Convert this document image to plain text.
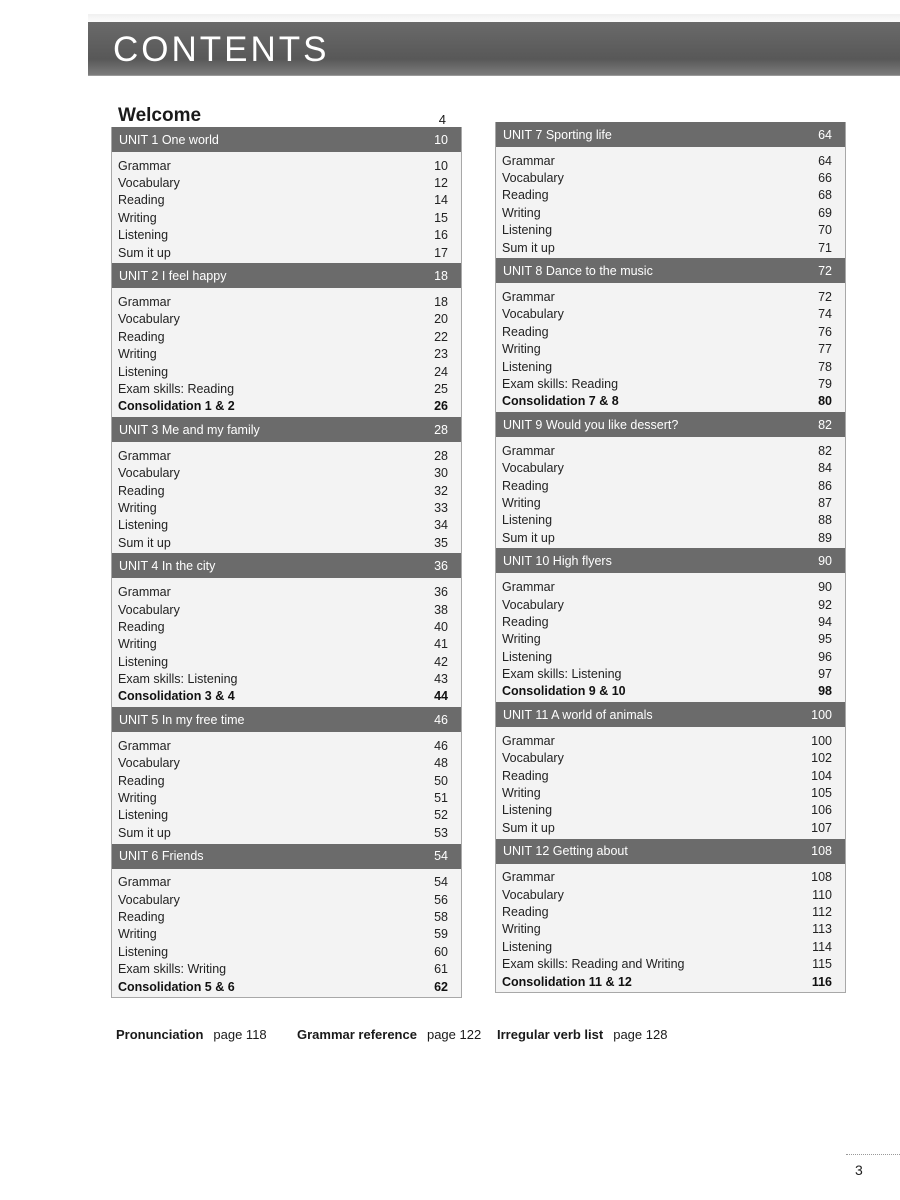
CONTENTS
Welcome	4
UNIT 1 One world	10
Grammar	10
Vocabulary	12
Reading	14
Writing	15
Listening	16
Sum it up	17
UNIT 2 I feel happy	18
Grammar	18
Vocabulary	20
Reading	22
Writing	23
Listening	24
Exam skills: Reading	25
Consolidation 1 & 2	26
UNIT 3 Me and my family	28
Grammar	28
Vocabulary	30
Reading	32
Writing	33
Listening	34
Sum it up	35
UNIT 4 In the city	36
Grammar	36
Vocabulary	38
Reading	40
Writing	41
Listening	42
Exam skills: Listening	43
Consolidation 3 & 4	44
UNIT 5 In my free time	46
Grammar	46
Vocabulary	48
Reading	50
Writing	51
Listening	52
Sum it up	53
UNIT 6 Friends	54
Grammar	54
Vocabulary	56
Reading	58
Writing	59
Listening	60
Exam skills: Writing	61
Consolidation 5 & 6	62
UNIT 7 Sporting life	64
Grammar	64
Vocabulary	66
Reading	68
Writing	69
Listening	70
Sum it up	71
UNIT 8 Dance to the music	72
Grammar	72
Vocabulary	74
Reading	76
Writing	77
Listening	78
Exam skills: Reading	79
Consolidation 7 & 8	80
UNIT 9 Would you like dessert?	82
Grammar	82
Vocabulary	84
Reading	86
Writing	87
Listening	88
Sum it up	89
UNIT 10 High flyers	90
Grammar	90
Vocabulary	92
Reading	94
Writing	95
Listening	96
Exam skills: Listening	97
Consolidation 9 & 10	98
UNIT 11 A world of animals	100
Grammar	100
Vocabulary	102
Reading	104
Writing	105
Listening	106
Sum it up	107
UNIT 12 Getting about	108
Grammar	108
Vocabulary	110
Reading	112
Writing	113
Listening	114
Exam skills: Reading and Writing	115
Consolidation 11 & 12	116
Pronunciation page 118 Grammar reference page 122 Irregular verb list page 128
3
